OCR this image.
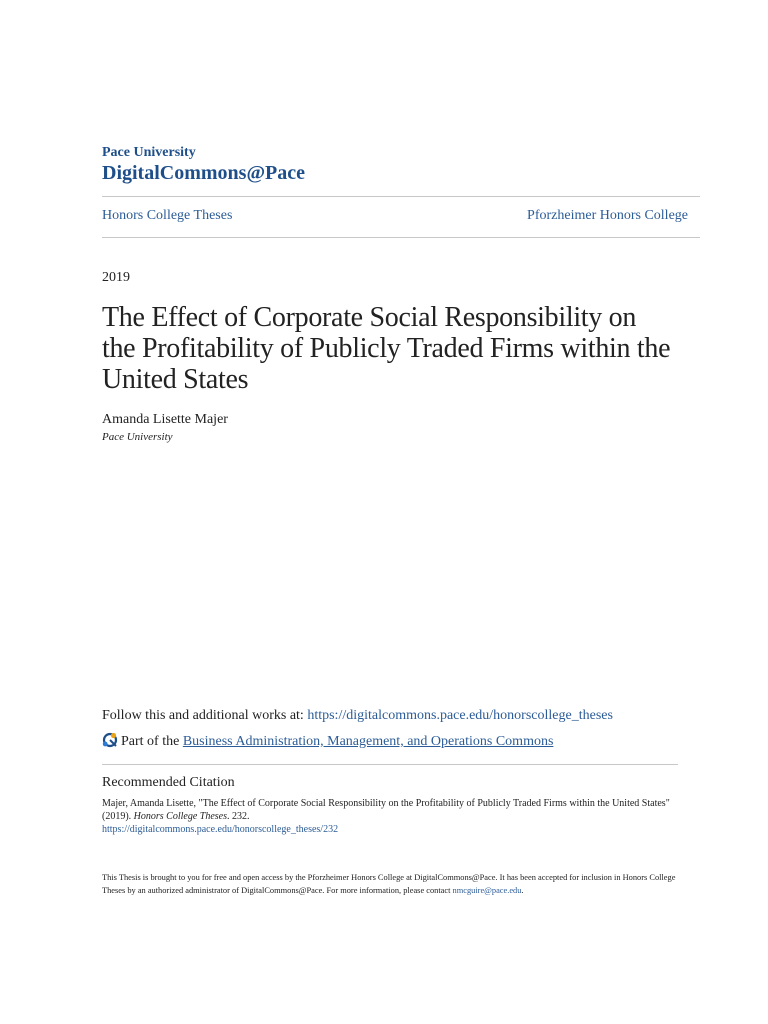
Pace University
DigitalCommons@Pace
Honors College Theses	Pforzheimer Honors College
2019
The Effect of Corporate Social Responsibility on
the Profitability of Publicly Traded Firms within the
United States
Amanda Lisette Majer
Pace University
Follow this and additional works at: https://digitalcommons.pace.edu/honorscollege_theses
Part of the Business Administration, Management, and Operations Commons
Recommended Citation
Majer, Amanda Lisette, "The Effect of Corporate Social Responsibility on the Profitability of Publicly Traded Firms within the United States" (2019). Honors College Theses. 232.
https://digitalcommons.pace.edu/honorscollege_theses/232
This Thesis is brought to you for free and open access by the Pforzheimer Honors College at DigitalCommons@Pace. It has been accepted for inclusion in Honors College Theses by an authorized administrator of DigitalCommons@Pace. For more information, please contact nmcguire@pace.edu.
